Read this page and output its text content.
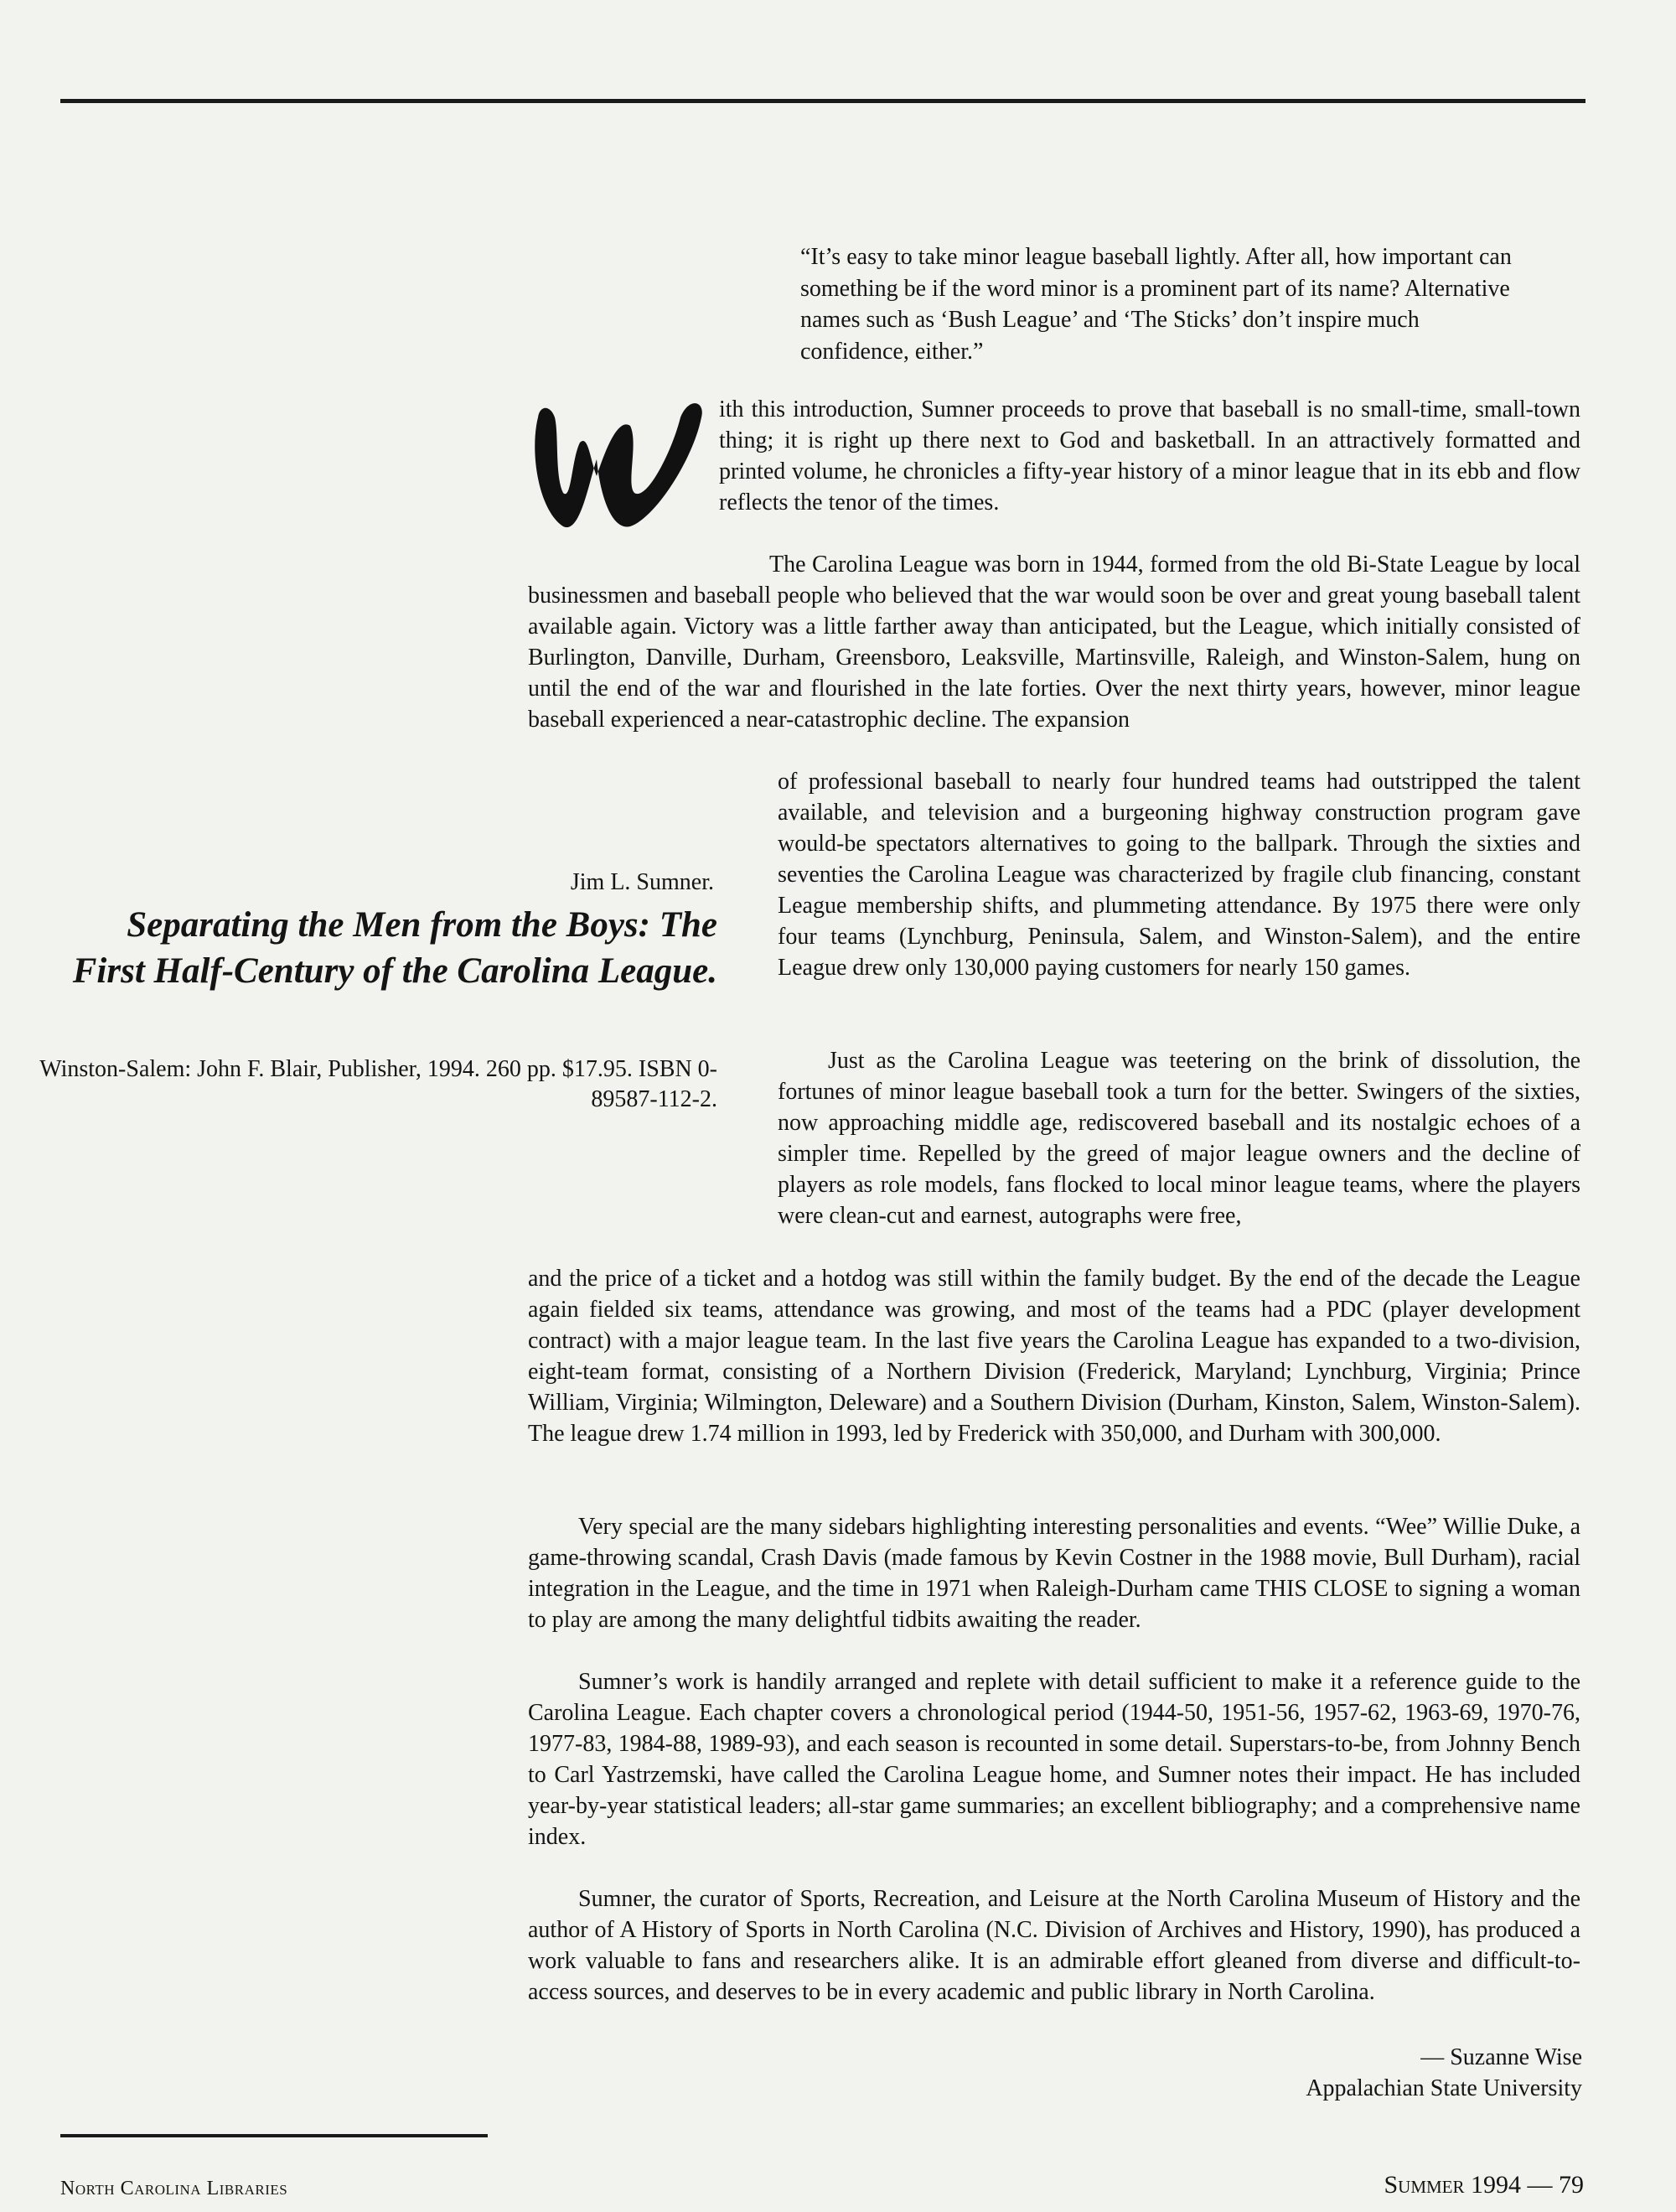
“It’s easy to take minor league baseball lightly. After all, how important can something be if the word minor is a prominent part of its name? Alternative names such as ‘Bush League’ and ‘The Sticks’ don’t inspire much confidence, either.”
Jim L. Sumner.
Separating the Men from the Boys: The First Half-Century of the Carolina League.
Winston-Salem: John F. Blair, Publisher, 1994. 260 pp. $17.95. ISBN 0-89587-112-2.
ith this introduction, Sumner proceeds to prove that baseball is no small-time, small-town thing; it is right up there next to God and basketball. In an attractively formatted and printed volume, he chronicles a fifty-year history of a minor league that in its ebb and flow reflects the tenor of the times.
The Carolina League was born in 1944, formed from the old Bi-State League by local businessmen and baseball people who believed that the war would soon be over and great young baseball talent available again. Victory was a little farther away than anticipated, but the League, which initially consisted of Burlington, Danville, Durham, Greensboro, Leaksville, Martinsville, Raleigh, and Winston-Salem, hung on until the end of the war and flourished in the late forties. Over the next thirty years, however, minor league baseball experienced a near-catastrophic decline. The expansion
of professional baseball to nearly four hundred teams had outstripped the talent available, and television and a burgeoning highway construction program gave would-be spectators alternatives to going to the ballpark. Through the sixties and seventies the Carolina League was characterized by fragile club financing, constant League membership shifts, and plummeting attendance. By 1975 there were only four teams (Lynchburg, Peninsula, Salem, and Winston-Salem), and the entire League drew only 130,000 paying customers for nearly 150 games.
Just as the Carolina League was teetering on the brink of dissolution, the fortunes of minor league baseball took a turn for the better. Swingers of the sixties, now approaching middle age, rediscovered baseball and its nostalgic echoes of a simpler time. Repelled by the greed of major league owners and the decline of players as role models, fans flocked to local minor league teams, where the players were clean-cut and earnest, autographs were free,
and the price of a ticket and a hotdog was still within the family budget. By the end of the decade the League again fielded six teams, attendance was growing, and most of the teams had a PDC (player development contract) with a major league team. In the last five years the Carolina League has expanded to a two-division, eight-team format, consisting of a Northern Division (Frederick, Maryland; Lynchburg, Virginia; Prince William, Virginia; Wilmington, Deleware) and a Southern Division (Durham, Kinston, Salem, Winston-Salem). The league drew 1.74 million in 1993, led by Frederick with 350,000, and Durham with 300,000.
Very special are the many sidebars highlighting interesting personalities and events. “Wee” Willie Duke, a game-throwing scandal, Crash Davis (made famous by Kevin Costner in the 1988 movie, Bull Durham), racial integration in the League, and the time in 1971 when Raleigh-Durham came THIS CLOSE to signing a woman to play are among the many delightful tidbits awaiting the reader.
Sumner’s work is handily arranged and replete with detail sufficient to make it a reference guide to the Carolina League. Each chapter covers a chronological period (1944-50, 1951-56, 1957-62, 1963-69, 1970-76, 1977-83, 1984-88, 1989-93), and each season is recounted in some detail. Superstars-to-be, from Johnny Bench to Carl Yastrzemski, have called the Carolina League home, and Sumner notes their impact. He has included year-by-year statistical leaders; all-star game summaries; an excellent bibliography; and a comprehensive name index.
Sumner, the curator of Sports, Recreation, and Leisure at the North Carolina Museum of History and the author of A History of Sports in North Carolina (N.C. Division of Archives and History, 1990), has produced a work valuable to fans and researchers alike. It is an admirable effort gleaned from diverse and difficult-to-access sources, and deserves to be in every academic and public library in North Carolina.
— Suzanne Wise
Appalachian State University
North Carolina Libraries	Summer 1994 — 79
